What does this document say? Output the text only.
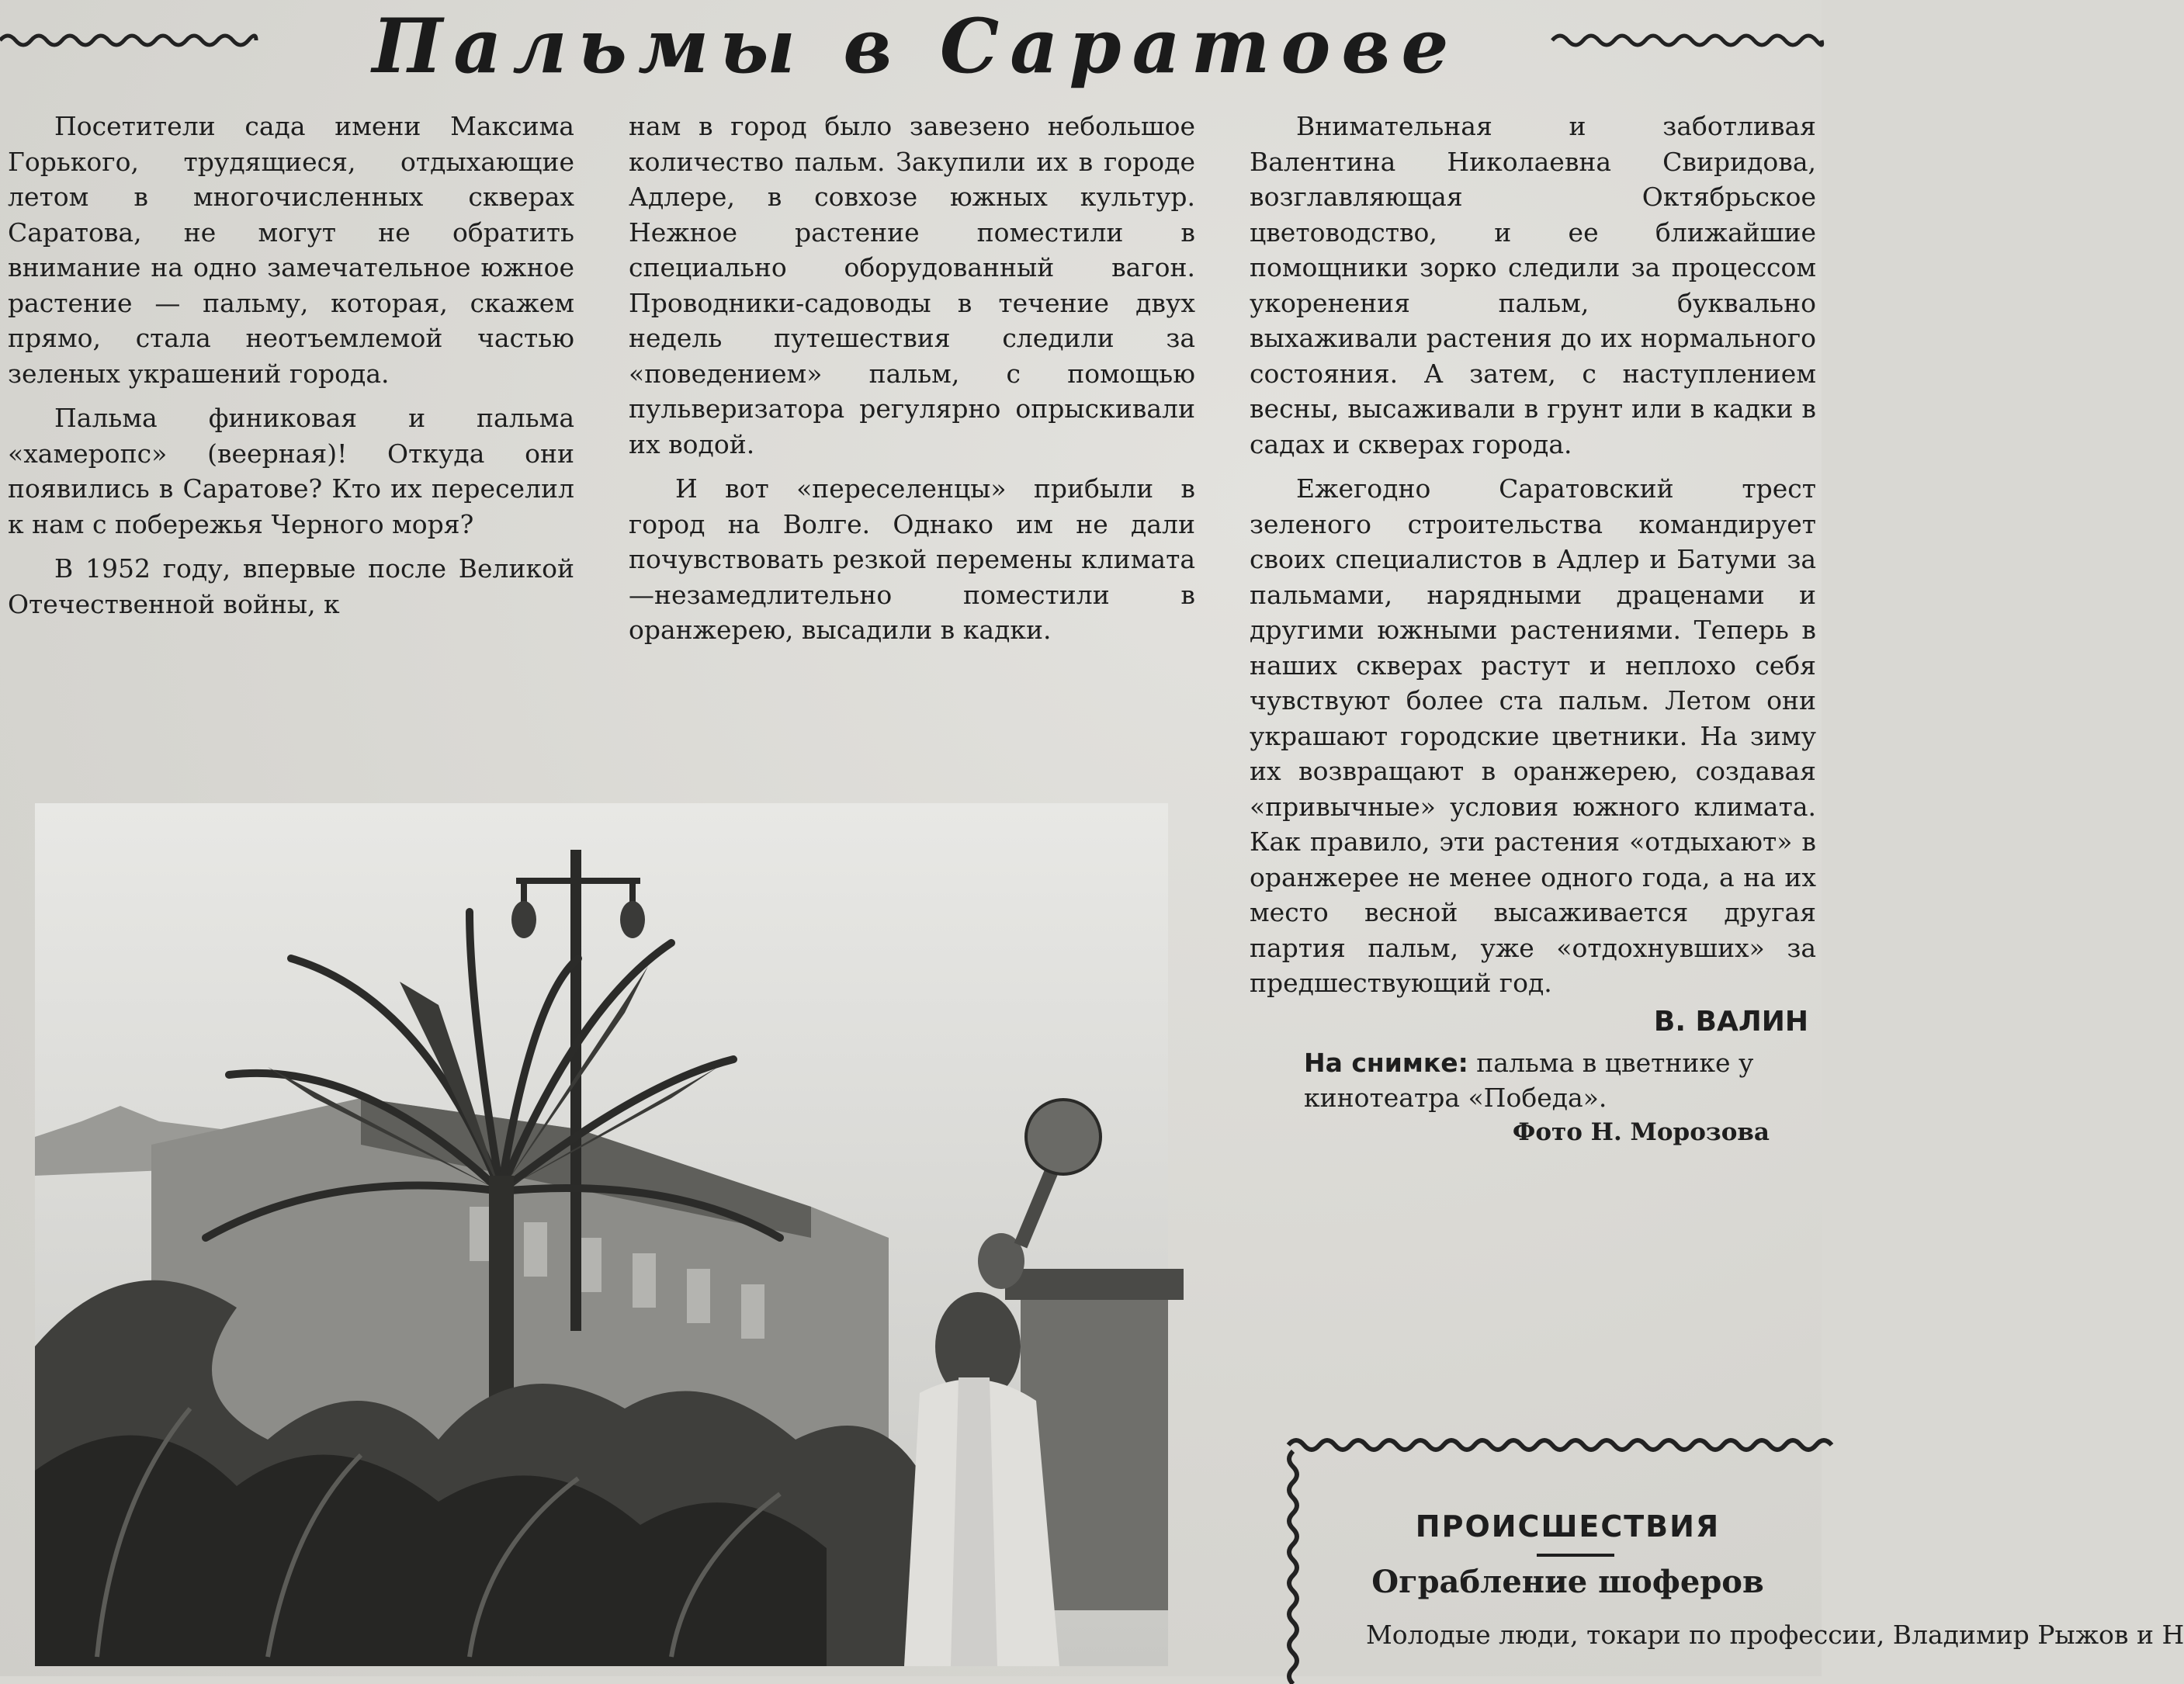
Пальмы в Саратове

Посетители сада имени Максима Горького, трудящиеся, отдыхающие летом в многочисленных скверах Саратова, не могут не обратить внимание на одно замечательное южное растение — пальму, которая, скажем прямо, стала неотъемлемой частью зеленых украшений города.

Пальма финиковая и пальма «хамеропс» (веерная)! Откуда они появились в Саратове? Кто их переселил к нам с побережья Черного моря?

В 1952 году, впервые после Великой Отечественной войны, к

нам в город было завезено небольшое количество пальм. Закупили их в городе Адлере, в совхозе южных культур. Нежное растение поместили в специально оборудованный вагон. Проводники-садоводы в течение двух недель путешествия следили за «поведением» пальм, с помощью пульверизатора регулярно опрыскивали их водой.

И вот «переселенцы» прибыли в город на Волге. Однако им не дали почувствовать резкой перемены климата—незамедлительно поместили в оранжерею, высадили в кадки.

Внимательная и заботливая Валентина Николаевна Свиридова, возглавляющая Октябрьское цветоводство, и ее ближайшие помощники зорко следили за процессом укоренения пальм, буквально выхаживали растения до их нормального состояния. А затем, с наступлением весны, высаживали в грунт или в кадки в садах и скверах города.

Ежегодно Саратовский трест зеленого строительства командирует своих специалистов в Адлер и Батуми за пальмами, нарядными драценами и другими южными растениями. Теперь в наших скверах растут и неплохо себя чувствуют более ста пальм. Летом они украшают городские цветники. На зиму их возвращают в оранжерею, создавая «привычные» условия южного климата. Как правило, эти растения «отдыхают» в оранжерее не менее одного года, а на их место весной высаживается другая партия пальм, уже «отдохнувших» за предшествующий год.

В. ВАЛИН
На снимке: пальма в цветнике у кинотеатра «Победа».
Фото Н. Морозова
ПРОИСШЕСТВИЯ
Ограбление шоферов
Молодые люди, токари по профессии, Владимир Рыжов и Н
